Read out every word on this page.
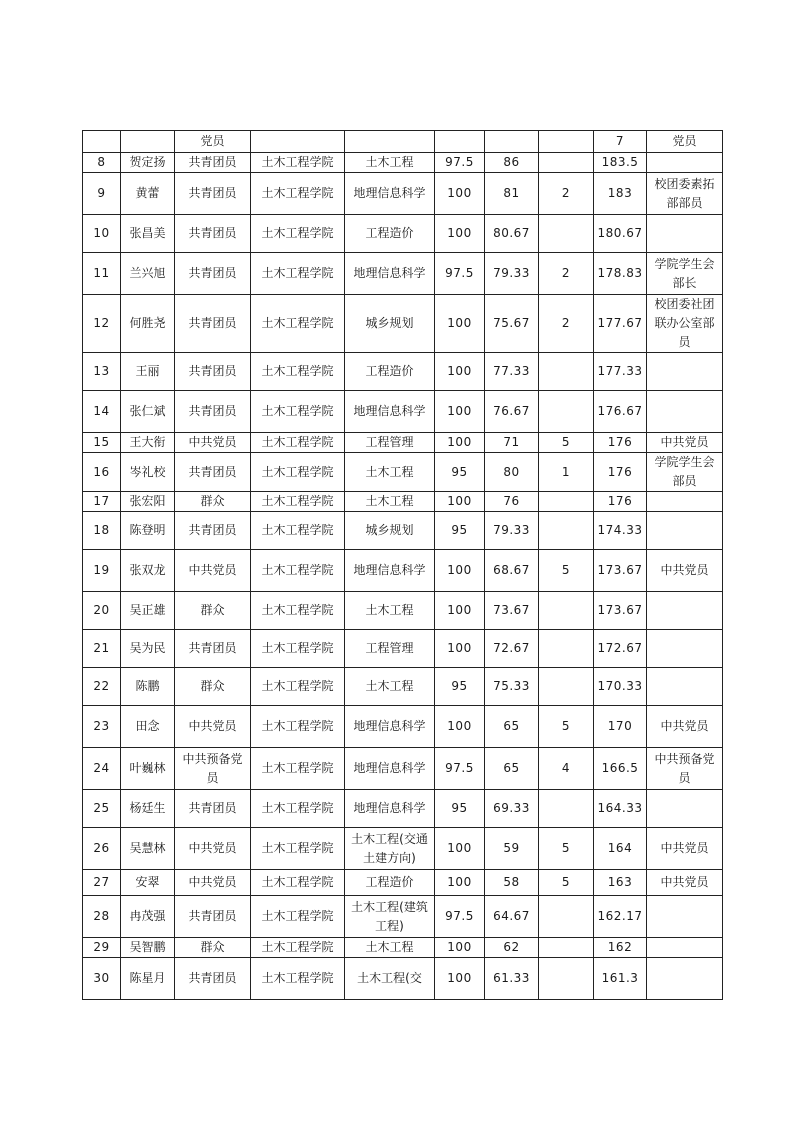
		党员						7	党员
8	贺定扬	共青团员	土木工程学院	土木工程	97.5	86		183.5	
9	黄蕾	共青团员	土木工程学院	地理信息科学	100	81	2	183	校团委素拓部部员
10	张昌美	共青团员	土木工程学院	工程造价	100	80.67		180.67	
11	兰兴旭	共青团员	土木工程学院	地理信息科学	97.5	79.33	2	178.83	学院学生会部长
12	何胜尧	共青团员	土木工程学院	城乡规划	100	75.67	2	177.67	校团委社团联办公室部员
13	王丽	共青团员	土木工程学院	工程造价	100	77.33		177.33	
14	张仁斌	共青团员	土木工程学院	地理信息科学	100	76.67		176.67	
15	王大衔	中共党员	土木工程学院	工程管理	100	71	5	176	中共党员
16	岑礼校	共青团员	土木工程学院	土木工程	95	80	1	176	学院学生会部员
17	张宏阳	群众	土木工程学院	土木工程	100	76		176	
18	陈登明	共青团员	土木工程学院	城乡规划	95	79.33		174.33	
19	张双龙	中共党员	土木工程学院	地理信息科学	100	68.67	5	173.67	中共党员
20	吴正雄	群众	土木工程学院	土木工程	100	73.67		173.67	
21	吴为民	共青团员	土木工程学院	工程管理	100	72.67		172.67	
22	陈鹏	群众	土木工程学院	土木工程	95	75.33		170.33	
23	田念	中共党员	土木工程学院	地理信息科学	100	65	5	170	中共党员
24	叶巍林	中共预备党员	土木工程学院	地理信息科学	97.5	65	4	166.5	中共预备党员
25	杨廷生	共青团员	土木工程学院	地理信息科学	95	69.33		164.33	
26	吴慧林	中共党员	土木工程学院	土木工程(交通土建方向)	100	59	5	164	中共党员
27	安翠	中共党员	土木工程学院	工程造价	100	58	5	163	中共党员
28	冉茂强	共青团员	土木工程学院	土木工程(建筑工程)	97.5	64.67		162.17	
29	吴智鹏	群众	土木工程学院	土木工程	100	62		162	
30	陈星月	共青团员	土木工程学院	土木工程(交	100	61.33		161.3	
